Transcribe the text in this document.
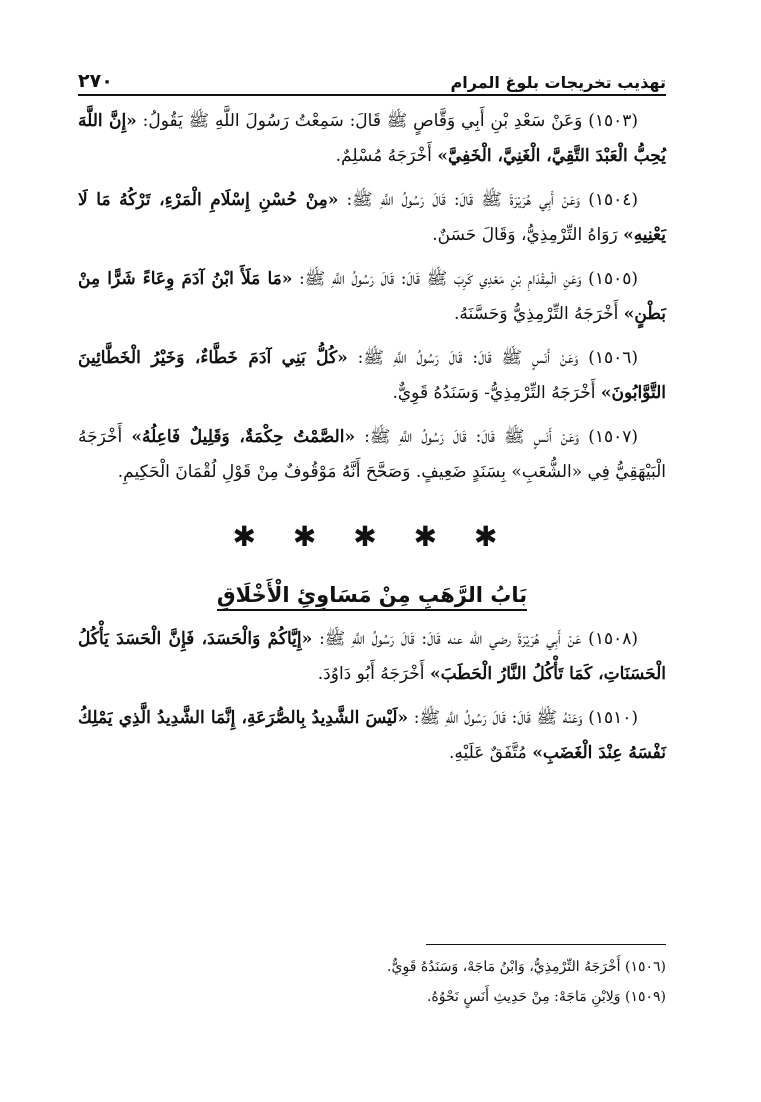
تهذيب تخريجات بلوغ المرام
٢٧٠

(١٥٠٣) وَعَنْ سَعْدِ بْنِ أَبِي وَقَّاصٍ ﷺ قَالَ: سَمِعْتُ رَسُولَ اللَّهِ ﷺ يَقُولُ: «إِنَّ اللَّهَ يُحِبُّ الْعَبْدَ التَّقِيَّ، الْغَنِيَّ، الْخَفِيَّ» أَخْرَجَهُ مُسْلِمٌ.

(١٥٠٤) وَعَنْ أَبِي هُرَيْرَةَ ﷺ قَالَ: قَالَ رَسُولُ اللَّهِ ﷺ: «مِنْ حُسْنِ إِسْلَامِ الْمَرْءِ، تَرْكُهُ مَا لَا يَعْنِيهِ» رَوَاهُ التِّرْمِذِيُّ، وَقَالَ حَسَنٌ.

(١٥٠٥) وَعَنِ الْمِقْدَامِ بْنِ مَعْدِي كَرِبَ ﷺ قَالَ: قَالَ رَسُولُ اللَّهِ ﷺ: «مَا مَلَأَ ابْنُ آدَمَ وِعَاءً شَرًّا مِنْ بَطْنٍ» أَخْرَجَهُ التِّرْمِذِيُّ وَحَسَّنَهُ.

(١٥٠٦) وَعَنْ أَنَسٍ ﷺ قَالَ: قَالَ رَسُولُ اللَّهِ ﷺ: «كُلُّ بَنِي آدَمَ خَطَّاءٌ، وَخَيْرُ الْخَطَّائِينَ التَّوَّابُونَ» أَخْرَجَهُ التِّرْمِذِيُّ- وَسَنَدُهُ قَوِيٌّ.

(١٥٠٧) وَعَنْ أَنَسٍ ﷺ قَالَ: قَالَ رَسُولُ اللَّهِ ﷺ: «الصَّمْتُ حِكْمَةٌ، وَقَلِيلٌ فَاعِلُهُ» أَخْرَجَهُ الْبَيْهَقِيُّ فِي «الشُّعَبِ» بِسَنَدٍ ضَعِيفٍ. وَصَحَّحَ أَنَّهُ مَوْقُوفٌ مِنْ قَوْلِ لُقْمَانَ الْحَكِيمِ.

✱ ✱ ✱ ✱ ✱
بَابُ الرَّهَبِ مِنْ مَسَاوِئِ الْأَخْلَاقِ

(١٥٠٨) عَنْ أَبِي هُرَيْرَةَ رضي الله عنه قَالَ: قَالَ رَسُولُ اللَّهِ ﷺ: «إِيَّاكُمْ وَالْحَسَدَ، فَإِنَّ الْحَسَدَ يَأْكُلُ الْحَسَنَاتِ، كَمَا تَأْكُلُ النَّارُ الْحَطَبَ» أَخْرَجَهُ أَبُو دَاوُدَ.

(١٥١٠) وَعَنْهُ ﷺ قَالَ: قَالَ رَسُولُ اللَّهِ ﷺ: «لَيْسَ الشَّدِيدُ بِالصُّرَعَةِ، إِنَّمَا الشَّدِيدُ الَّذِي يَمْلِكُ نَفْسَهُ عِنْدَ الْغَضَبِ» مُتَّفَقٌ عَلَيْهِ.

(١٥٠٦) أَخْرَجَهُ التِّرْمِذِيُّ، وَابْنُ مَاجَهْ، وَسَنَدُهُ قَوِيٌّ.

(١٥٠٩) وَلِابْنِ مَاجَهْ: مِنْ حَدِيثِ أَنَسٍ نَحْوُهُ.
